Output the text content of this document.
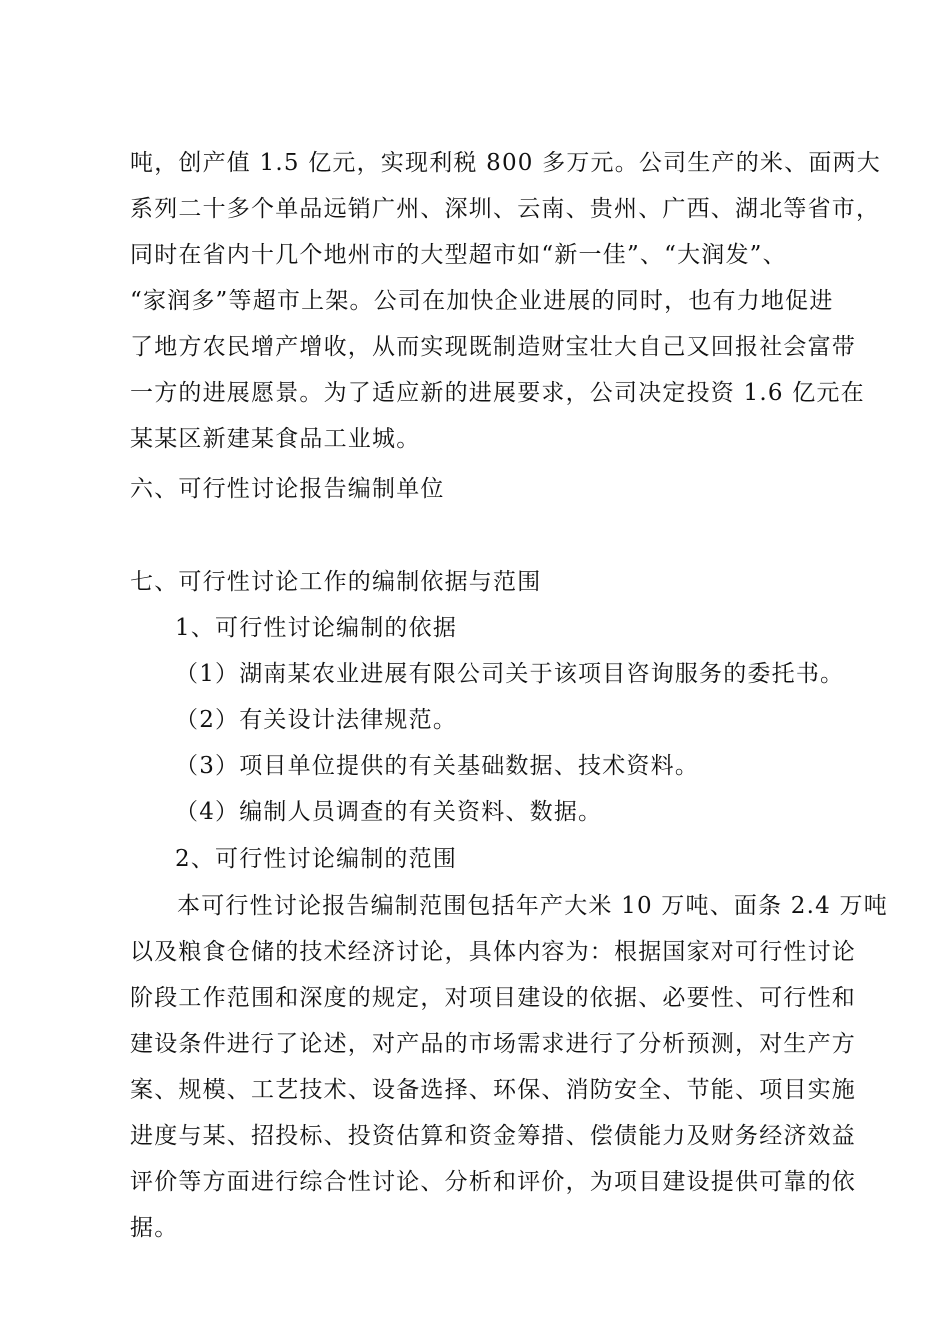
吨，创产值 1.5 亿元，实现利税 800 多万元。公司生产的米、面两大
系列二十多个单品远销广州、深圳、云南、贵州、广西、湖北等省市，
同时在省内十几个地州市的大型超市如“新一佳”、“大润发”、
“家润多”等超市上架。公司在加快企业进展的同时，也有力地促进
了地方农民增产增收，从而实现既制造财宝壮大自己又回报社会富带
一方的进展愿景。为了适应新的进展要求，公司决定投资 1.6 亿元在
某某区新建某食品工业城。
六、可行性讨论报告编制单位
七、可行性讨论工作的编制依据与范围
1、可行性讨论编制的依据
（1）湖南某农业进展有限公司关于该项目咨询服务的委托书。
（2）有关设计法律规范。
（3）项目单位提供的有关基础数据、技术资料。
（4）编制人员调查的有关资料、数据。
2、可行性讨论编制的范围
本可行性讨论报告编制范围包括年产大米 10 万吨、面条 2.4 万吨
以及粮食仓储的技术经济讨论，具体内容为：根据国家对可行性讨论
阶段工作范围和深度的规定，对项目建设的依据、必要性、可行性和
建设条件进行了论述，对产品的市场需求进行了分析预测，对生产方
案、规模、工艺技术、设备选择、环保、消防安全、节能、项目实施
进度与某、招投标、投资估算和资金筹措、偿债能力及财务经济效益
评价等方面进行综合性讨论、分析和评价，为项目建设提供可靠的依
据。
